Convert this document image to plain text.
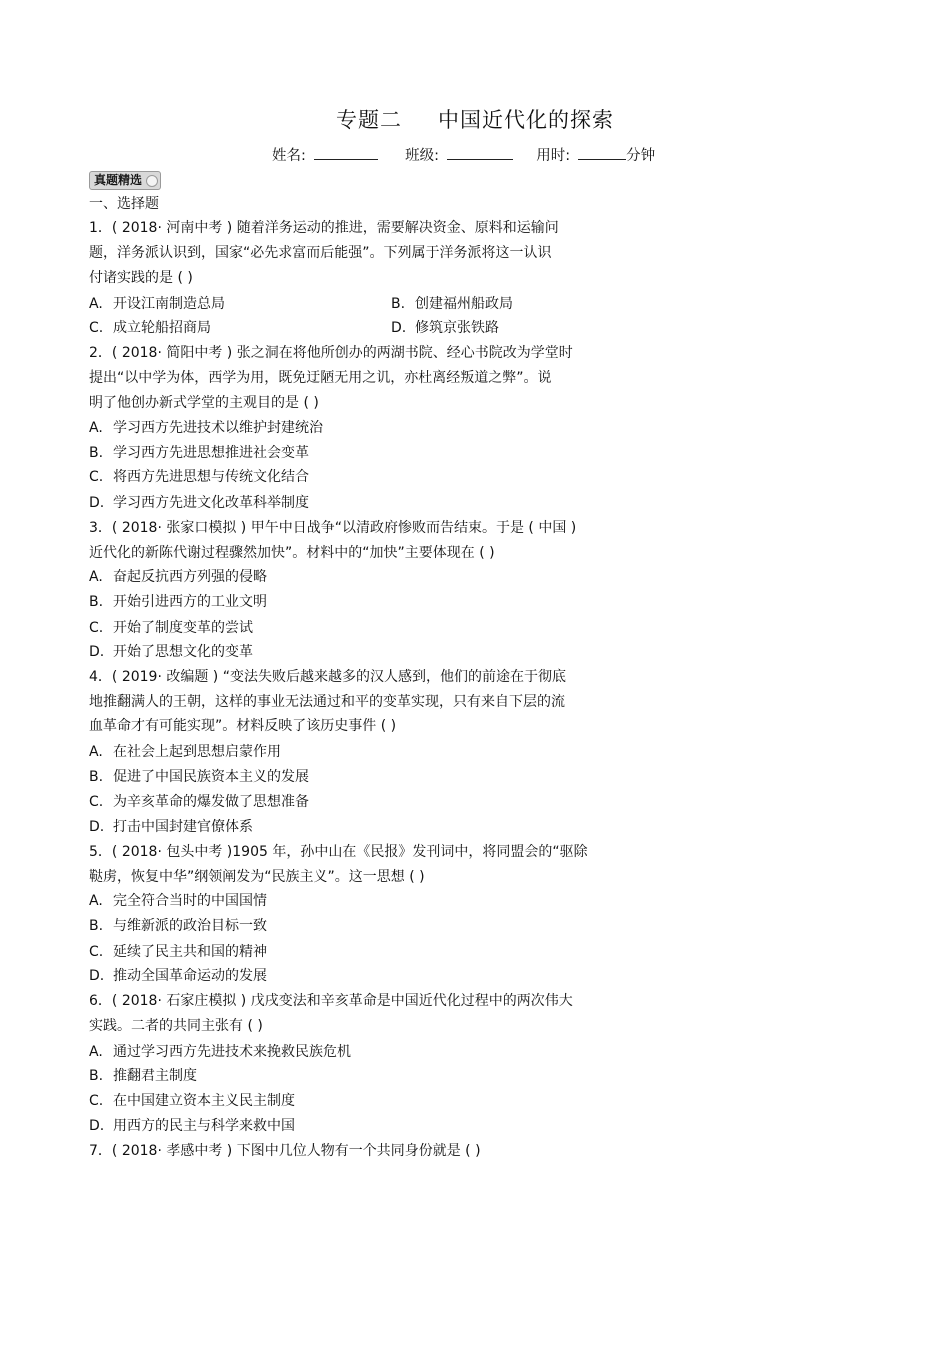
专题二 中国近代化的探索
姓名:	班级:	用时:	分钟
真题精选
一、选择题
1．( 2018· 河南中考 ) 随着洋务运动的推进，需要解决资金、原料和运输问
题，洋务派认识到，国家“必先求富而后能强”。下列属于洋务派将这一认识
付诸实践的是 ( )
A. 开设江南制造总局	B. 创建福州船政局
C. 成立轮船招商局	D. 修筑京张铁路
2．( 2018· 简阳中考 ) 张之洞在将他所创办的两湖书院、经心书院改为学堂时
提出“以中学为体，西学为用，既免迂陋无用之讥，亦杜离经叛道之弊”。说
明了他创办新式学堂的主观目的是 ( )
A. 学习西方先进技术以维护封建统治
B. 学习西方先进思想推进社会变革
C. 将西方先进思想与传统文化结合
D. 学习西方先进文化改革科举制度
3．( 2018· 张家口模拟 ) 甲午中日战争“以清政府惨败而告结束。于是 ( 中国 )
近代化的新陈代谢过程骤然加快”。材料中的“加快”主要体现在 ( )
A. 奋起反抗西方列强的侵略
B. 开始引进西方的工业文明
C. 开始了制度变革的尝试
D. 开始了思想文化的变革
4．( 2019· 改编题 ) “变法失败后越来越多的汉人感到，他们的前途在于彻底
地推翻满人的王朝，这样的事业无法通过和平的变革实现，只有来自下层的流
血革命才有可能实现”。材料反映了该历史事件 ( )
A. 在社会上起到思想启蒙作用
B. 促进了中国民族资本主义的发展
C. 为辛亥革命的爆发做了思想准备
D. 打击中国封建官僚体系
5．( 2018· 包头中考 )1905 年，孙中山在《民报》发刊词中，将同盟会的“驱除
鞑虏，恢复中华”纲领阐发为“民族主义”。这一思想 ( )
A. 完全符合当时的中国国情
B. 与维新派的政治目标一致
C. 延续了民主共和国的精神
D. 推动全国革命运动的发展
6．( 2018· 石家庄模拟 ) 戊戌变法和辛亥革命是中国近代化过程中的两次伟大
实践。二者的共同主张有 ( )
A. 通过学习西方先进技术来挽救民族危机
B. 推翻君主制度
C. 在中国建立资本主义民主制度
D. 用西方的民主与科学来救中国
7．( 2018· 孝感中考 ) 下图中几位人物有一个共同身份就是 ( )
